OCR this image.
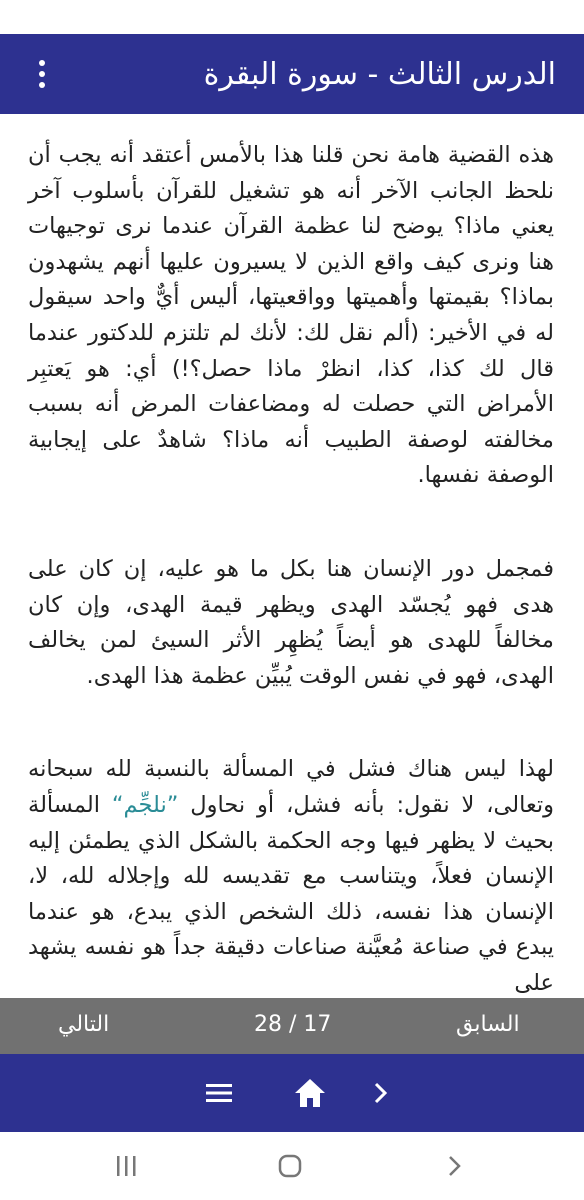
الدرس الثالث - سورة البقرة

هذه القضية هامة نحن قلنا هذا بالأمس أعتقد أنه يجب أن نلحظ الجانب الآخر أنه هو تشغيل للقرآن بأسلوب آخر يعني ماذا؟ يوضح لنا عظمة القرآن عندما نرى توجيهات هنا ونرى كيف واقع الذين لا يسيرون عليها أنهم يشهدون بماذا؟ بقيمتها وأهميتها وواقعيتها، أليس أيٌّ واحد سيقول له في الأخير: (ألم نقل لك: لأنك لم تلتزم للدكتور عندما قال لك كذا، كذا، انظرْ ماذا حصل؟!) أي: هو يَعتبِر الأمراض التي حصلت له ومضاعفات المرض أنه بسبب مخالفته لوصفة الطبيب أنه ماذا؟ شاهدٌ على إيجابية الوصفة نفسها.

فمجمل دور الإنسان هنا بكل ما هو عليه، إن كان على هدى فهو يُجسّد الهدى ويظهر قيمة الهدى، وإن كان مخالفاً للهدى هو أيضاً يُظهِر الأثر السيئ لمن يخالف الهدى، فهو في نفس الوقت يُبيِّن عظمة هذا الهدى.

لهذا ليس هناك فشل في المسألة بالنسبة لله سبحانه وتعالى، لا نقول: بأنه فشل، أو نحاول ”نلجِّم“ المسألة بحيث لا يظهر فيها وجه الحكمة بالشكل الذي يطمئن إليه الإنسان فعلاً، ويتناسب مع تقديسه لله وإجلاله لله، لا، الإنسان هذا نفسه، ذلك الشخص الذي يبدع، هو عندما يبدع في صناعة مُعيَّنة صناعات دقيقة جداً هو نفسه يشهد على

التالي	28 / 17	السابق
